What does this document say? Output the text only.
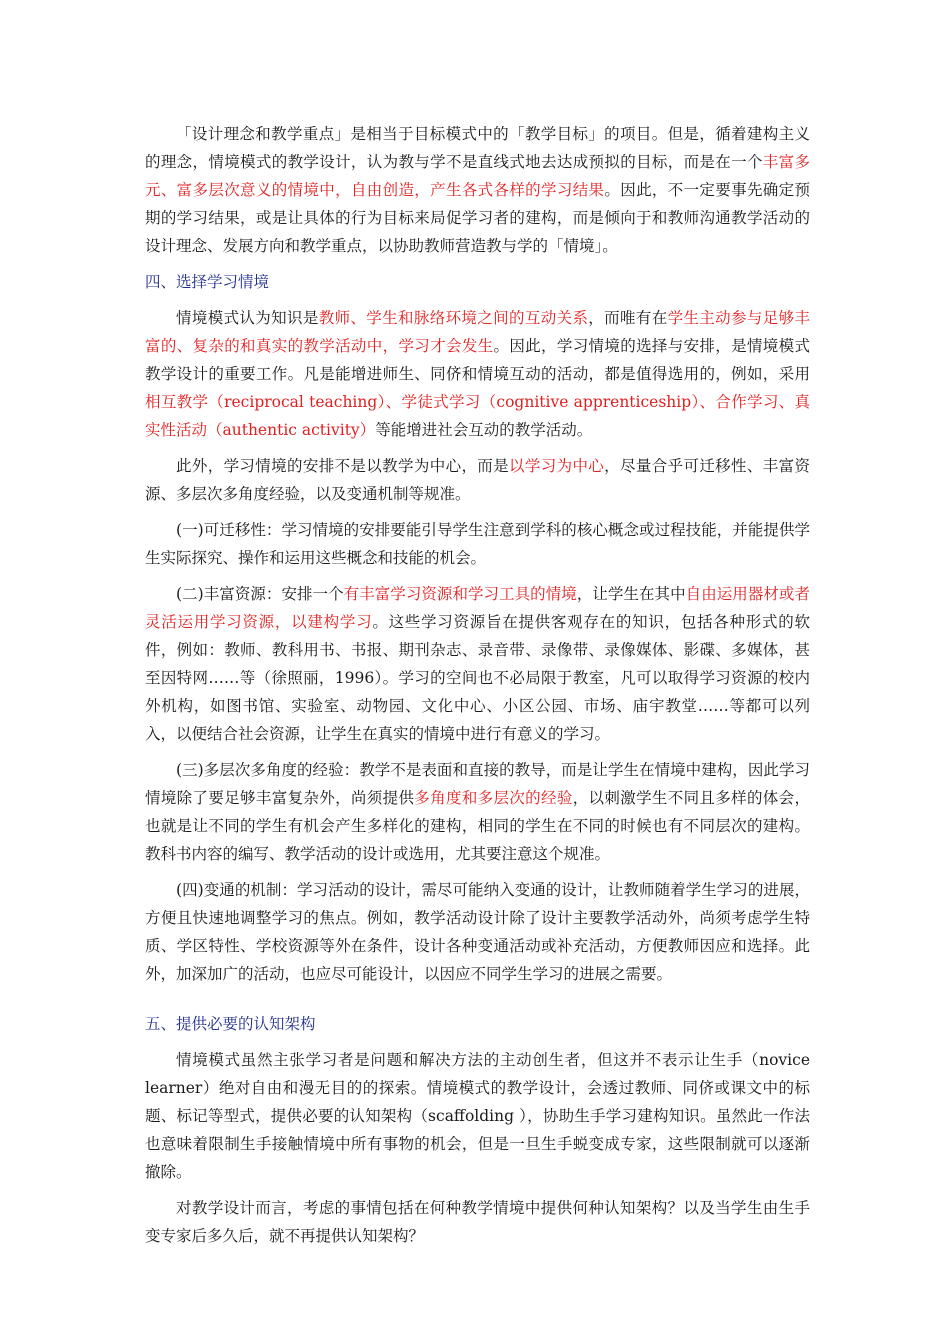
「设计理念和教学重点」是相当于目标模式中的「教学目标」的项目。但是，循着建构主义的理念，情境模式的教学设计，认为教与学不是直线式地去达成预拟的目标，而是在一个丰富多元、富多层次意义的情境中，自由创造，产生各式各样的学习结果。因此，不一定要事先确定预期的学习结果，或是让具体的行为目标来局促学习者的建构，而是倾向于和教师沟通教学活动的设计理念、发展方向和教学重点，以协助教师营造教与学的「情境」。

四、选择学习情境

情境模式认为知识是教师、学生和脉络环境之间的互动关系，而唯有在学生主动参与足够丰富的、复杂的和真实的教学活动中，学习才会发生。因此，学习情境的选择与安排，是情境模式教学设计的重要工作。凡是能增进师生、同侪和情境互动的活动，都是值得选用的，例如，采用相互教学（reciprocal teaching）、学徒式学习（cognitive apprenticeship）、合作学习、真实性活动（authentic activity）等能增进社会互动的教学活动。

此外，学习情境的安排不是以教学为中心，而是以学习为中心，尽量合乎可迁移性、丰富资源、多层次多角度经验，以及变通机制等规准。

(一)可迁移性：学习情境的安排要能引导学生注意到学科的核心概念或过程技能，并能提供学生实际探究、操作和运用这些概念和技能的机会。

(二)丰富资源：安排一个有丰富学习资源和学习工具的情境，让学生在其中自由运用器材或者灵活运用学习资源，以建构学习。这些学习资源旨在提供客观存在的知识，包括各种形式的软件，例如：教师、教科用书、书报、期刊杂志、录音带、录像带、录像媒体、影碟、多媒体，甚至因特网……等（徐照丽，1996）。学习的空间也不必局限于教室，凡可以取得学习资源的校内外机构，如图书馆、实验室、动物园、文化中心、小区公园、市场、庙宇教堂……等都可以列入，以便结合社会资源，让学生在真实的情境中进行有意义的学习。

(三)多层次多角度的经验：教学不是表面和直接的教导，而是让学生在情境中建构，因此学习情境除了要足够丰富复杂外，尚须提供多角度和多层次的经验，以刺激学生不同且多样的体会，也就是让不同的学生有机会产生多样化的建构，相同的学生在不同的时候也有不同层次的建构。教科书内容的编写、教学活动的设计或选用，尤其要注意这个规准。

(四)变通的机制：学习活动的设计，需尽可能纳入变通的设计，让教师随着学生学习的进展，方便且快速地调整学习的焦点。例如，教学活动设计除了设计主要教学活动外，尚须考虑学生特质、学区特性、学校资源等外在条件，设计各种变通活动或补充活动，方便教师因应和选择。此外，加深加广的活动，也应尽可能设计，以因应不同学生学习的进展之需要。

五、提供必要的认知架构

情境模式虽然主张学习者是问题和解决方法的主动创生者，但这并不表示让生手（novice learner）绝对自由和漫无目的的探索。情境模式的教学设计，会透过教师、同侪或课文中的标题、标记等型式，提供必要的认知架构（scaffolding ），协助生手学习建构知识。虽然此一作法也意味着限制生手接触情境中所有事物的机会，但是一旦生手蜕变成专家，这些限制就可以逐渐撤除。

对教学设计而言，考虑的事情包括在何种教学情境中提供何种认知架构？以及当学生由生手变专家后多久后，就不再提供认知架构？
